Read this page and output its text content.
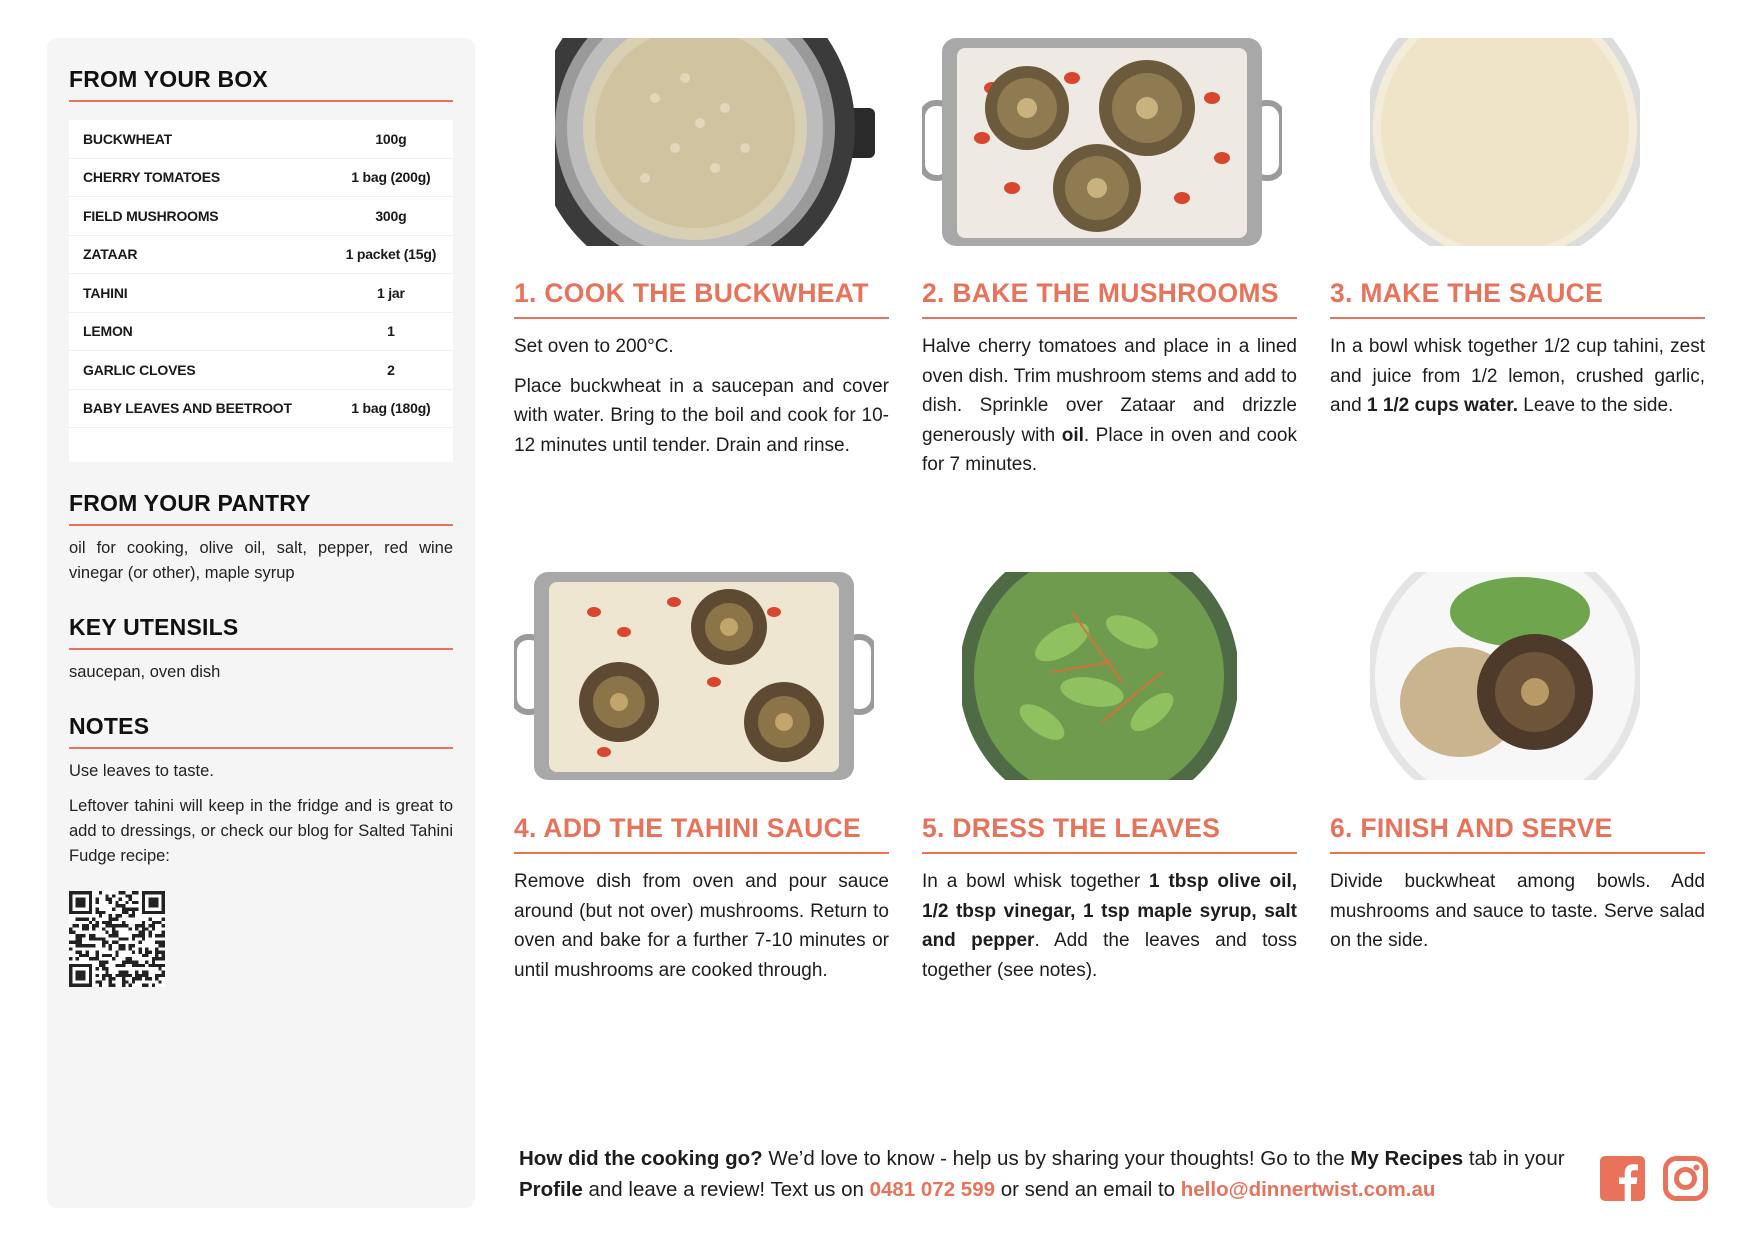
FROM YOUR BOX
BUCKWHEAT	100g
CHERRY TOMATOES	1 bag (200g)
FIELD MUSHROOMS	300g
ZATAAR	1 packet (15g)
TAHINI	1 jar
LEMON	1
GARLIC CLOVES	2
BABY LEAVES AND BEETROOT	1 bag (180g)

FROM YOUR PANTRY

oil for cooking, olive oil, salt, pepper, red wine vinegar (or other), maple syrup

KEY UTENSILS

saucepan, oven dish

NOTES

Use leaves to taste.

Leftover tahini will keep in the fridge and is great to add to dressings, or check our blog for Salted Tahini Fudge recipe:

1. COOK THE BUCKWHEAT

Set oven to 200°C.

Place buckwheat in a saucepan and cover with water. Bring to the boil and cook for 10-12 minutes until tender. Drain and rinse.

2. BAKE THE MUSHROOMS

Halve cherry tomatoes and place in a lined oven dish. Trim mushroom stems and add to dish. Sprinkle over Zataar and drizzle generously with oil. Place in oven and cook for 7 minutes.

3. MAKE THE SAUCE

In a bowl whisk together 1/2 cup tahini, zest and juice from 1/2 lemon, crushed garlic, and 1 1/2 cups water. Leave to the side.

4. ADD THE TAHINI SAUCE

Remove dish from oven and pour sauce around (but not over) mushrooms. Return to oven and bake for a further 7-10 minutes or until mushrooms are cooked through.

5. DRESS THE LEAVES

In a bowl whisk together 1 tbsp olive oil, 1/2 tbsp vinegar, 1 tsp maple syrup, salt and pepper. Add the leaves and toss together (see notes).

6. FINISH AND SERVE

Divide buckwheat among bowls. Add mushrooms and sauce to taste. Serve salad on the side.

How did the cooking go? We’d love to know - help us by sharing your thoughts! Go to the My Recipes tab in your Profile and leave a review! Text us on 0481 072 599 or send an email to hello@dinnertwist.com.au
